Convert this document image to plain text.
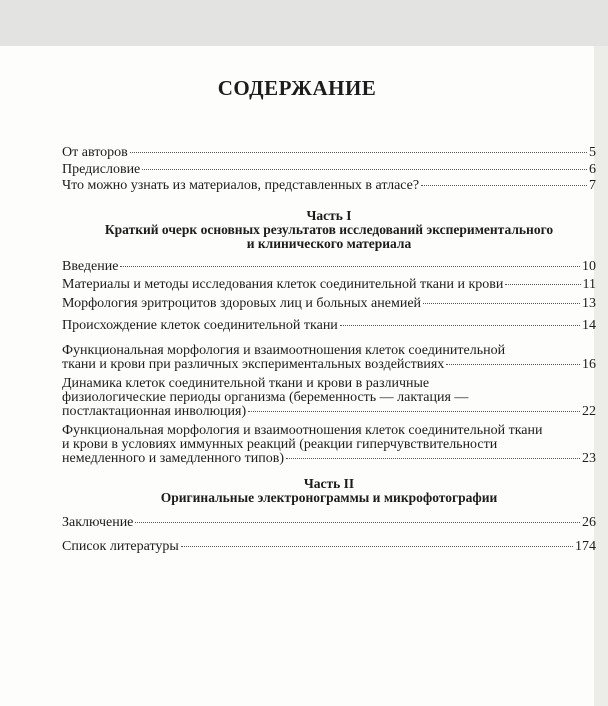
СОДЕРЖАНИЕ
От авторов	5
Предисловие	6
Что можно узнать из материалов, представленных в атласе?	7
Часть I
Краткий очерк основных результатов исследований экспериментального
и клинического материала
Введение	10
Материалы и методы исследования клеток соединительной ткани и крови	11
Морфология эритроцитов здоровых лиц и больных анемией	13
Происхождение клеток соединительной ткани	14
Функциональная морфология и взаимоотношения клеток соединительной
ткани и крови при различных экспериментальных воздействиях	16
Динамика клеток соединительной ткани и крови в различные
физиологические периоды организма (беременность — лактация —
постлактационная инволюция)	22
Функциональная морфология и взаимоотношения клеток соединительной ткани
и крови в условиях иммунных реакций (реакции гиперчувствительности
немедленного и замедленного типов)	23
Часть II
Оригинальные электронограммы и микрофотографии
Заключение	26
Список литературы	174
